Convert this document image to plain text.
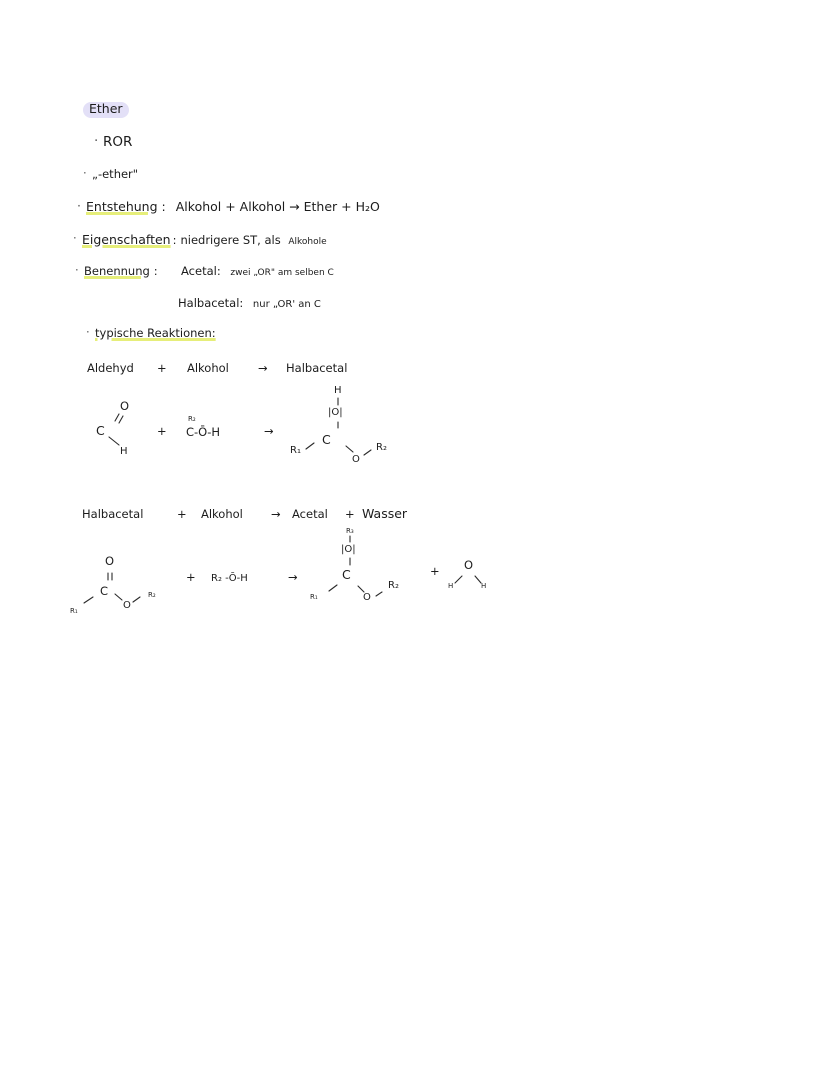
Ether
· ROR
· „-ether"
· Entstehung : Alkohol + Alkohol → Ether + H₂O
· Eigenschaften : niedrigere ST, als Alkohole
· Benennung : Acetal: zwei „OR" am selben C
Halbacetal: nur „OR' an C
· typische Reaktionen:
Aldehyd + Alkohol	→ Halbacetal
O
C
H
+
R₂
C-Ō-H	→
H
|O|
C
R₁
O
R₂
Halbacetal	+ Alkohol → Acetal + Wasser
O
C
R₁	O
R₂
+ R₂ -Ō-H	→
R₃
|O|
C
R₁	O
R₂
+ O
H	H
